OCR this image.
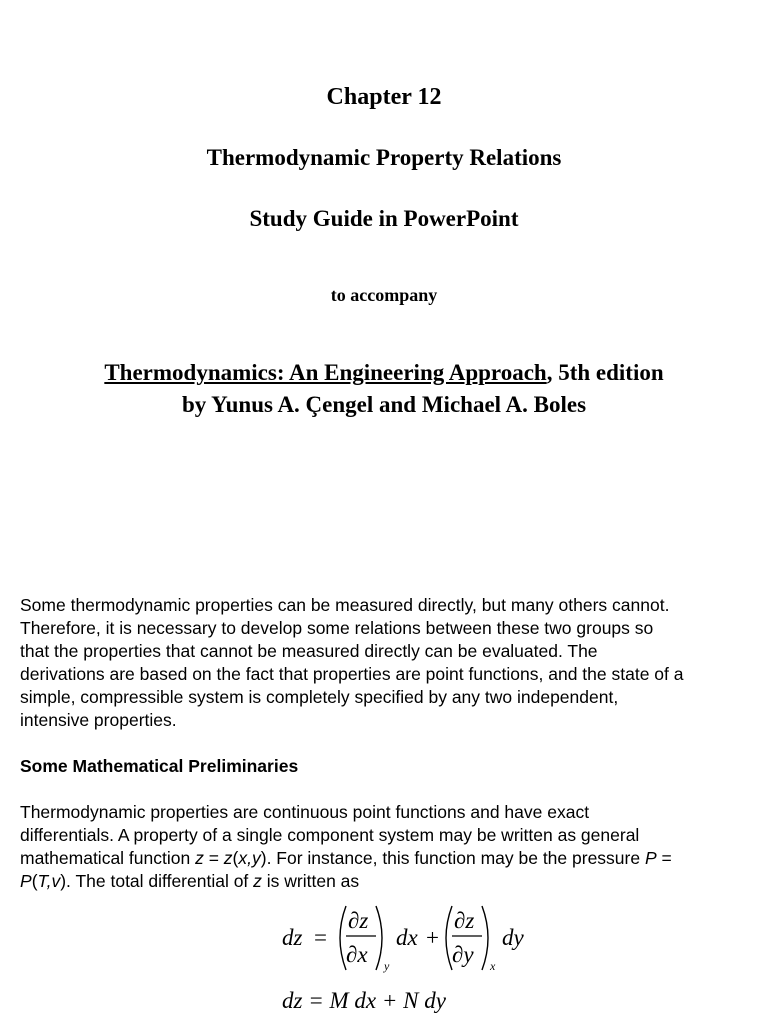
Chapter 12
Thermodynamic Property Relations
Study Guide in PowerPoint
to accompany
Thermodynamics: An Engineering Approach, 5th edition
by Yunus A. Çengel and Michael A. Boles
Some thermodynamic properties can be measured directly, but many others cannot.
Therefore, it is necessary to develop some relations between these two groups so
that the properties that cannot be measured directly can be evaluated. The
derivations are based on the fact that properties are point functions, and the state of a
simple, compressible system is completely specified by any two independent,
intensive properties.
Some Mathematical Preliminaries
Thermodynamic properties are continuous point functions and have exact
differentials. A property of a single component system may be written as general
mathematical function z = z(x,y). For instance, this function may be the pressure P =
P(T,v). The total differential of z is written as
dz =
∂z
∂x y
dx +
∂z
∂y x
dy
dz = M dx + N dy
